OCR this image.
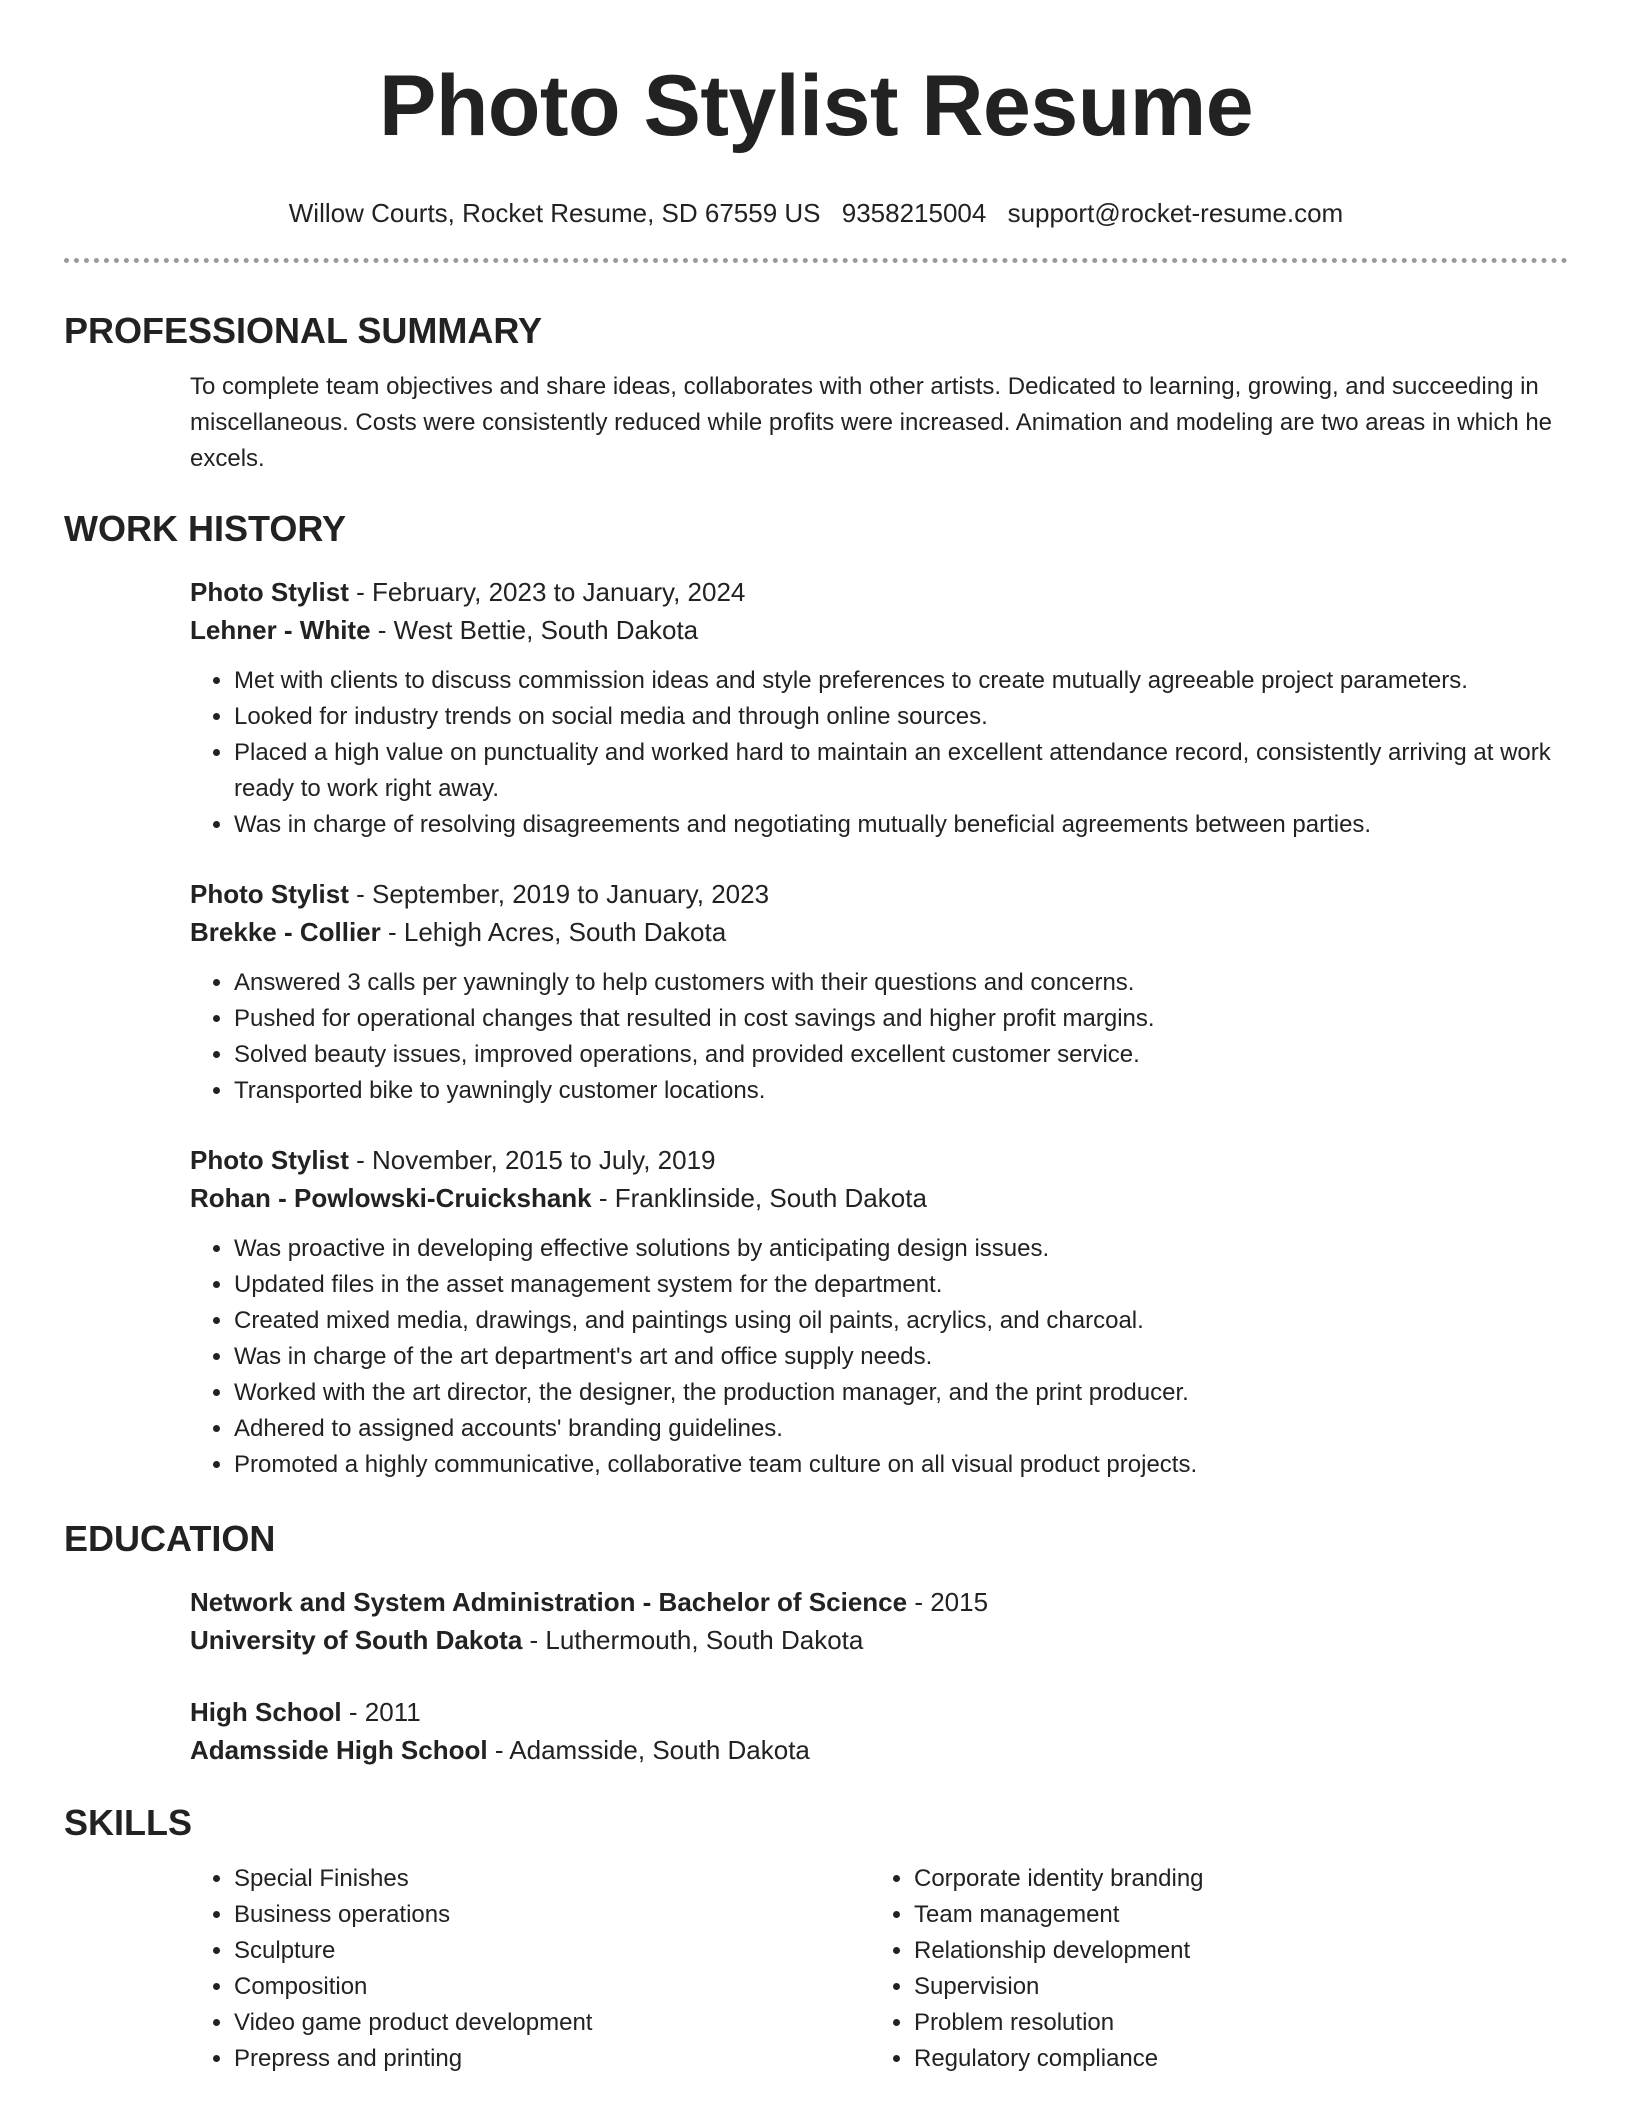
Photo Stylist Resume
Willow Courts, Rocket Resume, SD 67559 US 9358215004 support@rocket-resume.com
PROFESSIONAL SUMMARY

To complete team objectives and share ideas, collaborates with other artists. Dedicated to learning, growing, and succeeding in miscellaneous. Costs were consistently reduced while profits were increased. Animation and modeling are two areas in which he excels.

WORK HISTORY
Photo Stylist - February, 2023 to January, 2024
Lehner - White - West Bettie, South Dakota
• Met with clients to discuss commission ideas and style preferences to create mutually agreeable project parameters.
• Looked for industry trends on social media and through online sources.
• Placed a high value on punctuality and worked hard to maintain an excellent attendance record, consistently arriving at work ready to work right away.
• Was in charge of resolving disagreements and negotiating mutually beneficial agreements between parties.
Photo Stylist - September, 2019 to January, 2023
Brekke - Collier - Lehigh Acres, South Dakota
• Answered 3 calls per yawningly to help customers with their questions and concerns.
• Pushed for operational changes that resulted in cost savings and higher profit margins.
• Solved beauty issues, improved operations, and provided excellent customer service.
• Transported bike to yawningly customer locations.
Photo Stylist - November, 2015 to July, 2019
Rohan - Powlowski-Cruickshank - Franklinside, South Dakota
• Was proactive in developing effective solutions by anticipating design issues.
• Updated files in the asset management system for the department.
• Created mixed media, drawings, and paintings using oil paints, acrylics, and charcoal.
• Was in charge of the art department's art and office supply needs.
• Worked with the art director, the designer, the production manager, and the print producer.
• Adhered to assigned accounts' branding guidelines.
• Promoted a highly communicative, collaborative team culture on all visual product projects.
EDUCATION
Network and System Administration - Bachelor of Science - 2015
University of South Dakota - Luthermouth, South Dakota
High School - 2011
Adamsside High School - Adamsside, South Dakota
SKILLS
• Special Finishes
• Business operations
• Sculpture
• Composition
• Video game product development
• Prepress and printing
• Corporate identity branding
• Team management
• Relationship development
• Supervision
• Problem resolution
• Regulatory compliance
